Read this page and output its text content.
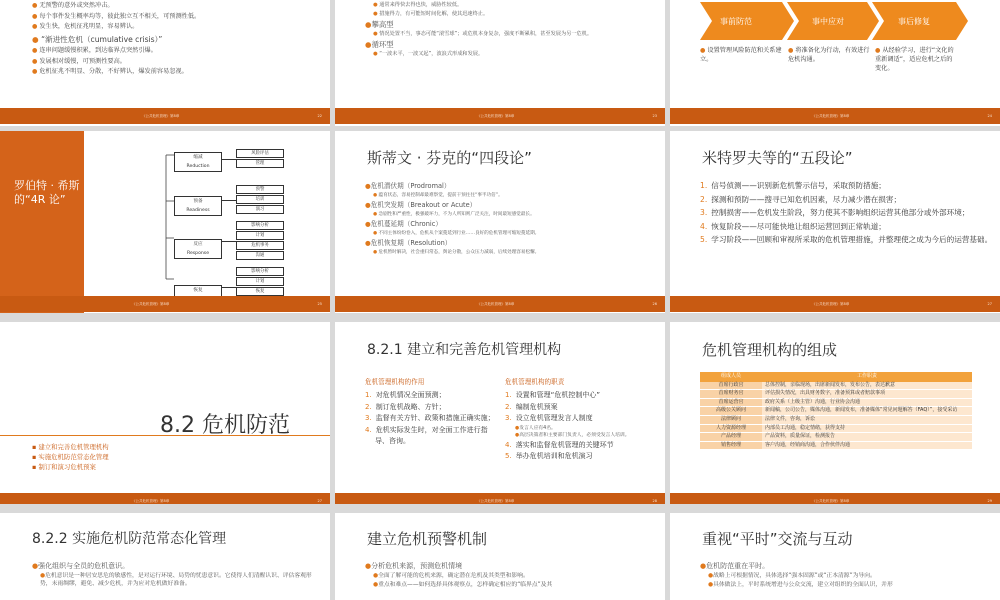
● 无预警的意外或突然冲击。
● 每个事件发生概率均等，彼此独立互不相关，可预测性低。
● 发生快，危机征兆明显，容易辨认。
● “渐进性危机（cumulative crisis）”
● 连串问题缓慢积累，到达临界点突然引爆。
● 发展相对缓慢，可预测性要高。
● 危机征兆不明显、分散，不好辨认，爆发前容易忽视。
《公共危机管理》第8章	22
● 通常来得快去得也快，威胁性较低。
● 措施得力，有可能短时间化解，使其迅速终止。
●攀高型
● 情况处置不当，事态可能“滚雪球”；或危机本身复杂，强度不断累积，甚至发展为另一危机。
●循环型
● “一波未平，一波又起”，波浪式形成和发展。
《公共危机管理》第8章	23
事前防范	事中应对	事后修复
● 设置管理风险防范和关系建立。
● 将准备化为行动，有效进行危机沟通。
● 从经验学习，进行“文化的重新调适”，适应危机之后的变化。
《公共危机管理》第8章	24
罗伯特 · 希斯的“4R 论”
缩减
Reduction
风险评估
管理
预备
Readiness
预警
培训
演习
反应
Response
影响分析
计划
危机事务
沟通
恢复

影响分析
计划
恢复
《公共危机管理》第8章	25
斯蒂文 · 芬克的“四段论”
●危机潜伏期（Prodromal）
● 蕴育状态，容易控制却最难察觉，提前干预往往“事半功倍”。
●危机突发期（Breakout or Acute）
● 急剧性和严重性，极强破坏力，不为人所知则广泛关注，时间最短感觉最长。
●危机蔓延期（Chronic）
● 不同主体纷纷卷入，危机从个案蔓延到行业……良好的危机管理可缩短蔓延期。
●危机恢复期（Resolution）
● 危机暂时解决，社会重归常态，舆论分散，公众压力减弱，后续处理容易松懈。
《公共危机管理》第8章	26
米特罗夫等的“五段论”
1. 信号侦测——识别新危机警示信号，采取预防措施；
2. 探测和预防——搜寻已知危机因素，尽力减少潜在损害；
3. 控制损害——危机发生阶段，努力使其不影响组织运营其他部分或外部环境；
4. 恢复阶段——尽可能快地让组织运营回到正常轨道；
5. 学习阶段——回顾和审视所采取的危机管理措施，并整理使之成为今后的运营基础。
《公共危机管理》第8章	27
8.2 危机防范
▪ 建立和完善危机管理机构
▪ 实施危机防范常态化管理
▪ 制订和演习危机预案
《公共危机管理》第8章	27
8.2.1 建立和完善危机管理机构
危机管理机构的作用	危机管理机构的职责
1. 对危机情况全面预测；
2. 制订危机战略、方针；
3. 监督有关方针、政策和措施正确实施；
4. 危机实际发生时，对全面工作进行指导、咨询。
1. 设置和管理“危机控制中心”
2. 编制危机预案
3. 设立危机管理发言人制度
●发言人应有4名。
●高层决策者和主要部门负责人，必须受发言人培训。
4. 落实和监督危机管理的关键环节
5. 举办危机培训和危机演习
《公共危机管理》第8章	28
危机管理机构的组成
组成人员	工作职责
首席行政官	总体控制，亲临现场，出席新闻发布，发布公告，表达歉意
首席财务官	评估损失情况，出具财务数字，准备预算或者赔款事项
首席运营官	政府关系（上级主管）沟通，行业协会沟通
高级公关顾问	新闻稿，公司公告，媒体沟通，新闻发布，准备媒体“常见问题解答（FAQ）”，接受采访
法律顾问	法律文件，咨询，诉讼
人力资源经理	内部员工沟通，稳定情绪，获得支持
产品经理	产品资料，质量保证，检测报告
销售经理	客户沟通，经销商沟通，合作伙伴沟通
《公共危机管理》第8章	29
8.2.2 实施危机防范常态化管理
●强化组织与全员的危机意识。
●危机意识是一种居安思危的敏感性，是对运行环境、局势的忧患意识。它使得人们清醒认识、评估客观形势，未雨绸缪，避免、减少危机，并为应对危机做好准备。
建立危机预警机制
●分析危机来源，预测危机情境
●全面了解可能的危机来源，确定潜在危机及其类型和影响。
●重点和难点——如何选择具体观察点，怎样确定相应的“临界点”及其
重视“平时”交流与互动
●危机防范重在平时。
●战略上可根据情况，具体选择“强本固源”或“正本清源”为导向。
●具体做法上，平时系统增进与公众交流，建立对组织的全面认识，并形
